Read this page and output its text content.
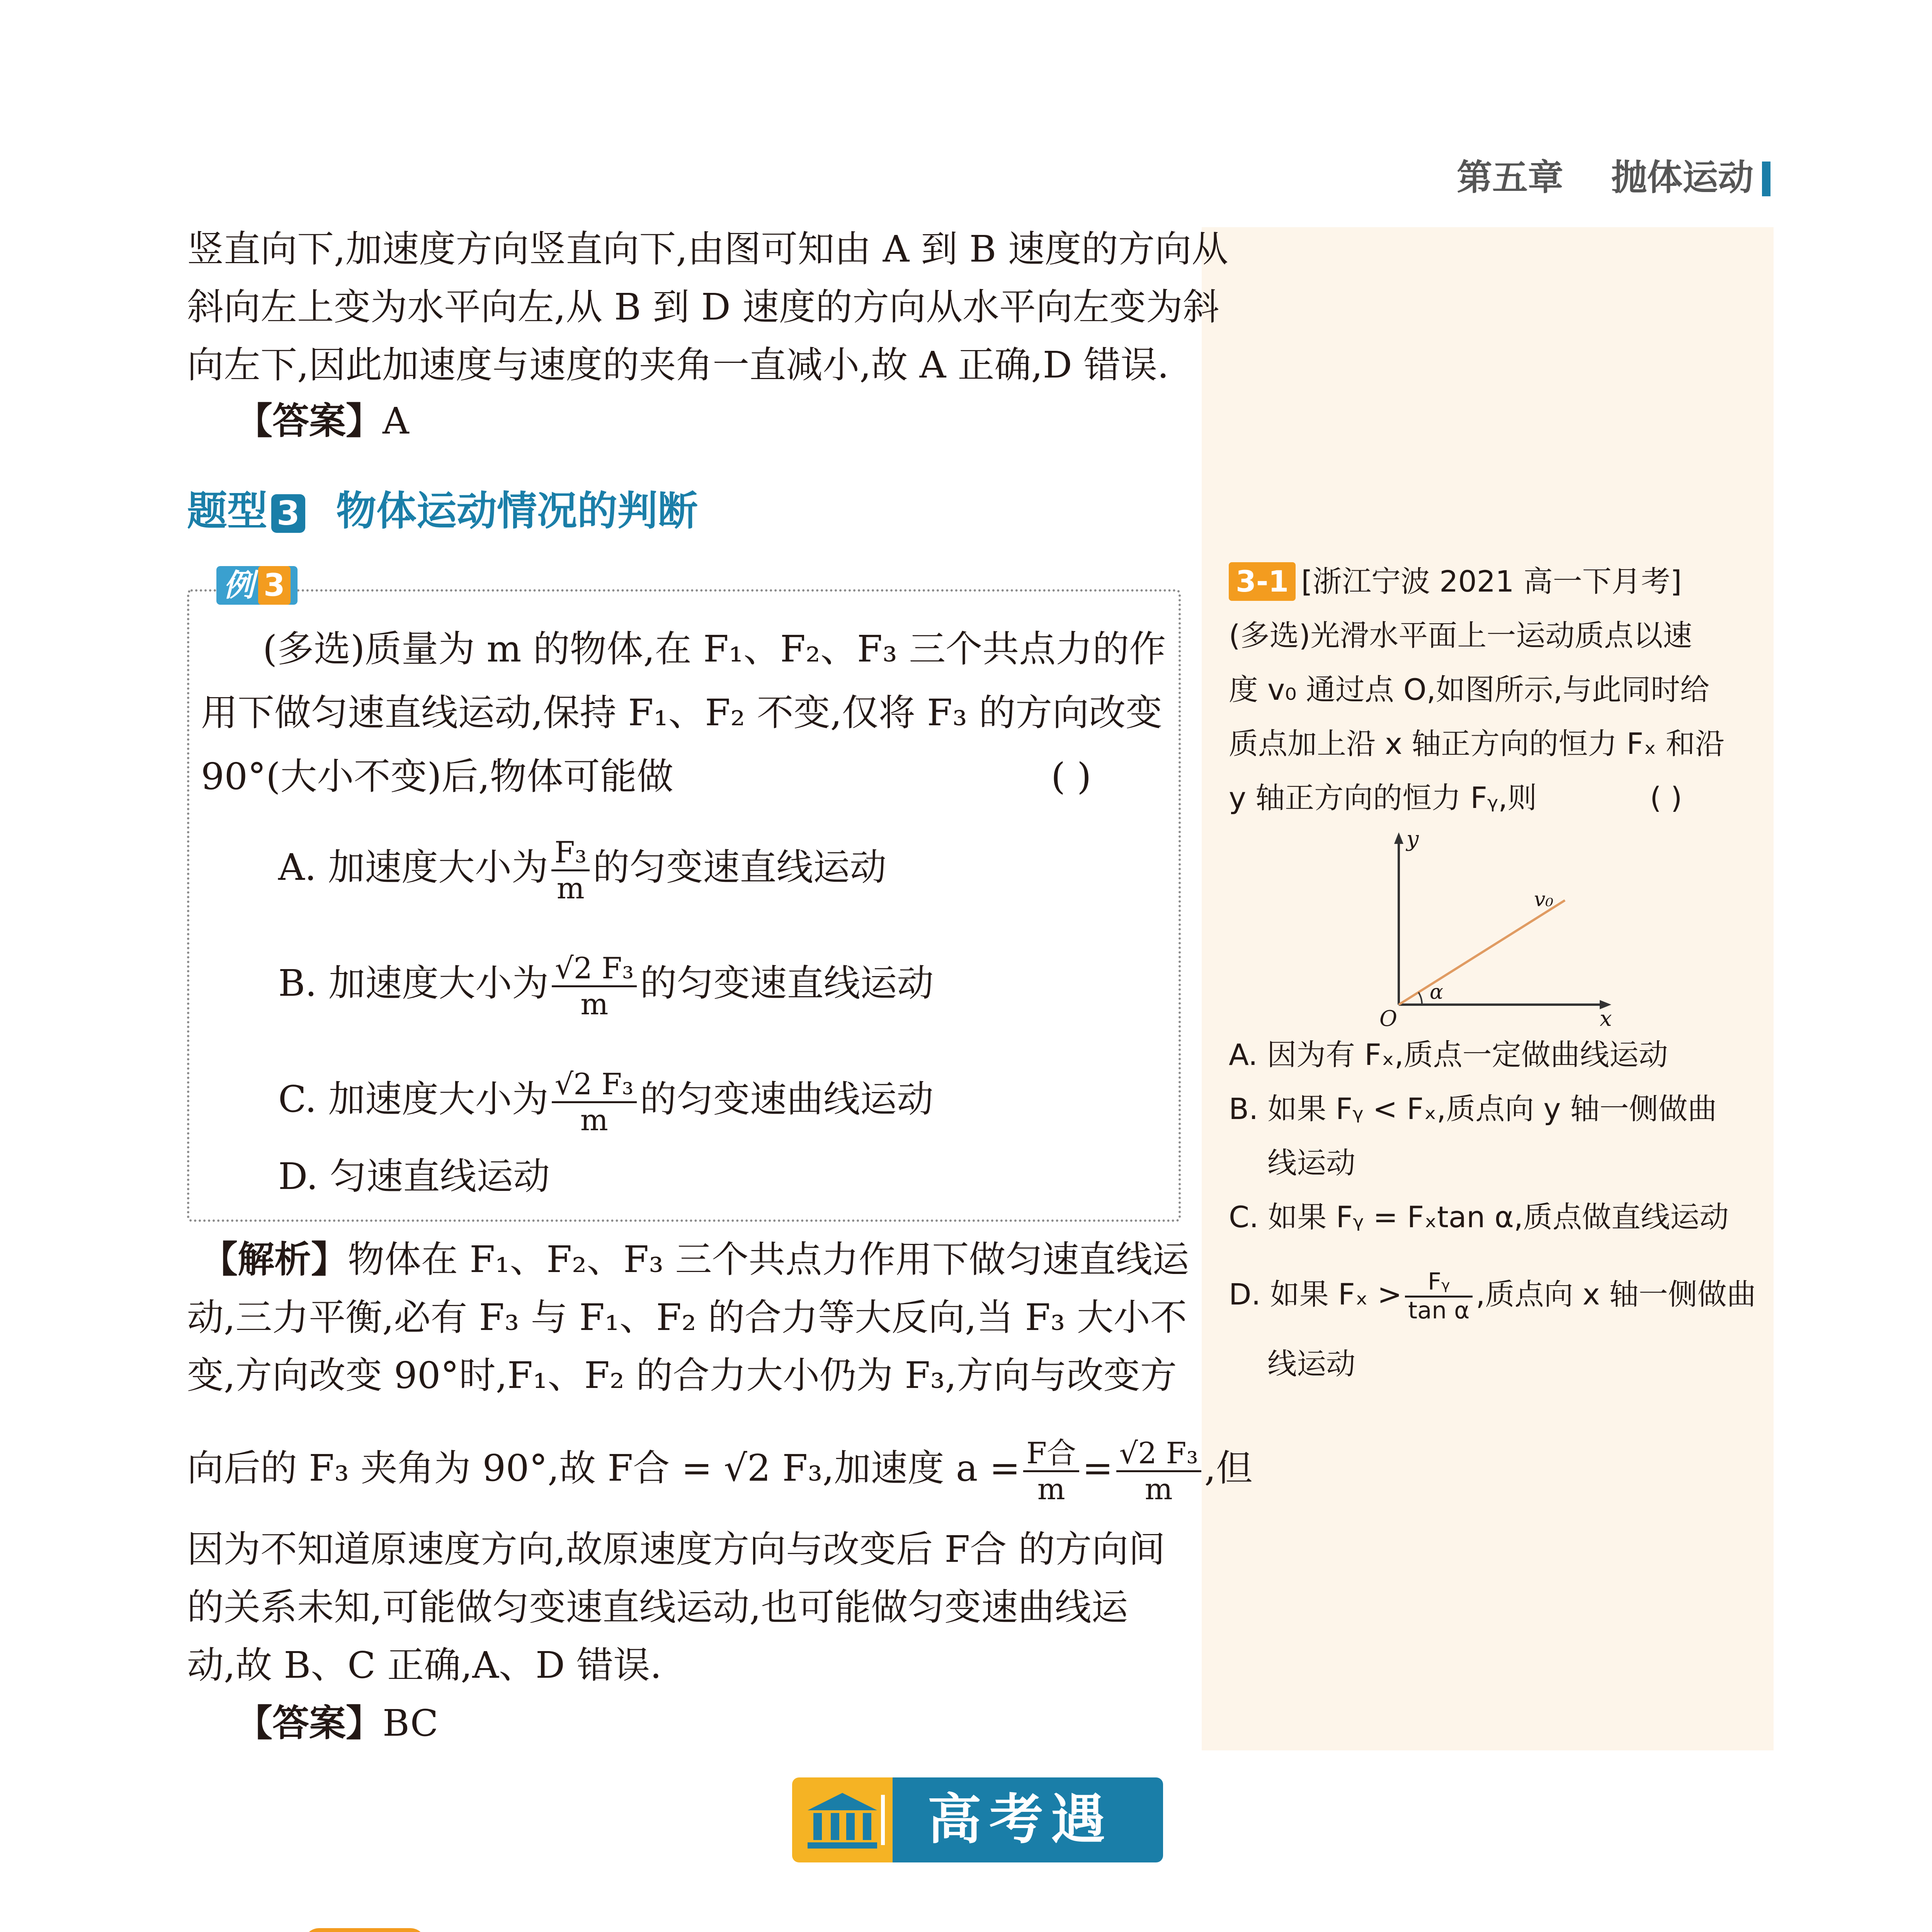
第五章 抛体运动
竖直向下,加速度方向竖直向下,由图可知由 A 到 B 速度的方向从
斜向左上变为水平向左,从 B 到 D 速度的方向从水平向左变为斜
向左下,因此加速度与速度的夹角一直减小,故 A 正确,D 错误.
【答案】A
题型 3 物体运动情况的判断
例 3
(多选)质量为 m 的物体,在 F₁、F₂、F₃ 三个共点力的作
用下做匀速直线运动,保持 F₁、F₂ 不变,仅将 F₃ 的方向改变
90°(大小不变)后,物体可能做	( )
A. 加速度大小为 $\frac{\text{F₃}}{m}$ 的匀变速直线运动
B. 加速度大小为 $\frac{\text{√2 F₃}}{m}$ 的匀变速直线运动
C. 加速度大小为 $\frac{\text{√2 F₃}}{m}$ 的匀变速曲线运动
D. 匀速直线运动
【解析】物体在 F₁、F₂、F₃ 三个共点力作用下做匀速直线运
动,三力平衡,必有 F₃ 与 F₁、F₂ 的合力等大反向,当 F₃ 大小不
变,方向改变 90°时,F₁、F₂ 的合力大小仍为 F₃,方向与改变方
向后的 F₃ 夹角为 90°,故 F合 = √2 F₃,加速度 $a = \frac{\text{F合}}{m} = \frac{\text{√2 F₃}}{m}$ ,但
因为不知道原速度方向,故原速度方向与改变后 F合 的方向间
的关系未知,可能做匀变速直线运动,也可能做匀变速曲线运
动,故 B、C 正确,A、D 错误.
【答案】BC
3-1 [浙江宁波 2021 高一下月考]
(多选)光滑水平面上一运动质点以速
度 v₀ 通过点 O,如图所示,与此同时给
质点加上沿 x 轴正方向的恒力 Fₓ 和沿
y 轴正方向的恒力 Fᵧ,则	( )
y
x
O
v₀
α
A. 因为有 Fₓ,质点一定做曲线运动
B. 如果 Fᵧ < Fₓ,质点向 y 轴一侧做曲
线运动
C. 如果 Fᵧ = Fₓtan α,质点做直线运动
D. 如果 $F_x > \frac{\text{Fᵧ}}{\text{tan α}}$ ,质点向 x 轴一侧做曲
线运动
高考遇
